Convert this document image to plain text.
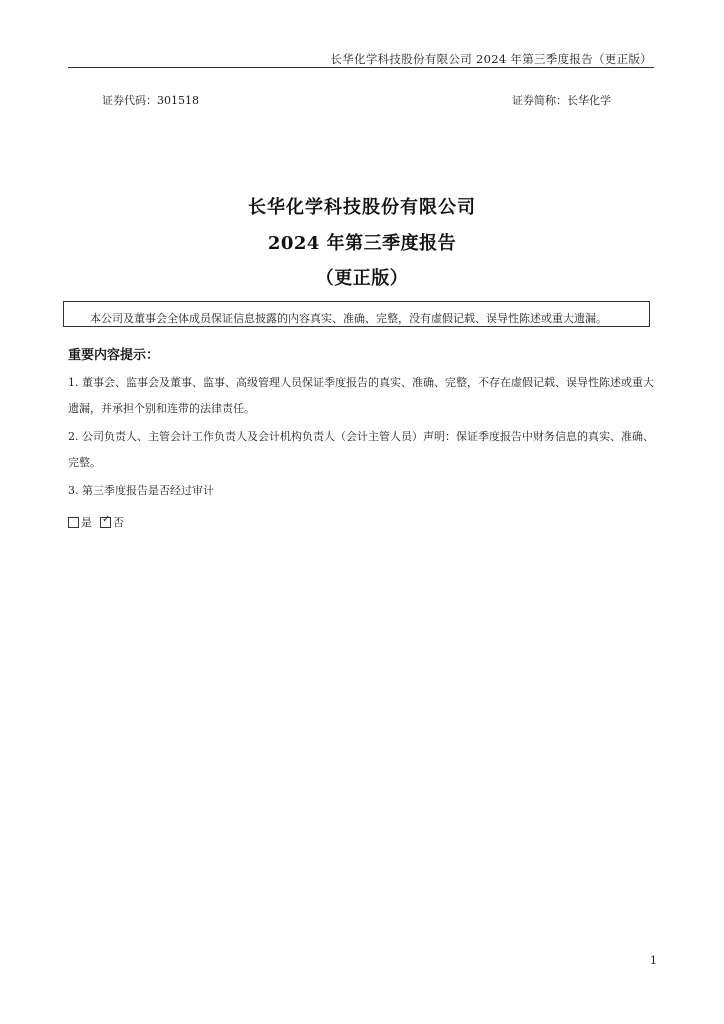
长华化学科技股份有限公司 2024 年第三季度报告（更正版）
证券代码：301518	证券简称：长华化学
长华化学科技股份有限公司
2024 年第三季度报告
（更正版）
本公司及董事会全体成员保证信息披露的内容真实、准确、完整，没有虚假记载、误导性陈述或重大遗漏。
重要内容提示：
1. 董事会、监事会及董事、监事、高级管理人员保证季度报告的真实、准确、完整，不存在虚假记载、误导性陈述或重大遗漏，并承担个别和连带的法律责任。
2. 公司负责人、主管会计工作负责人及会计机构负责人（会计主管人员）声明：保证季度报告中财务信息的真实、准确、完整。
3. 第三季度报告是否经过审计
是 ✓ 否
1
